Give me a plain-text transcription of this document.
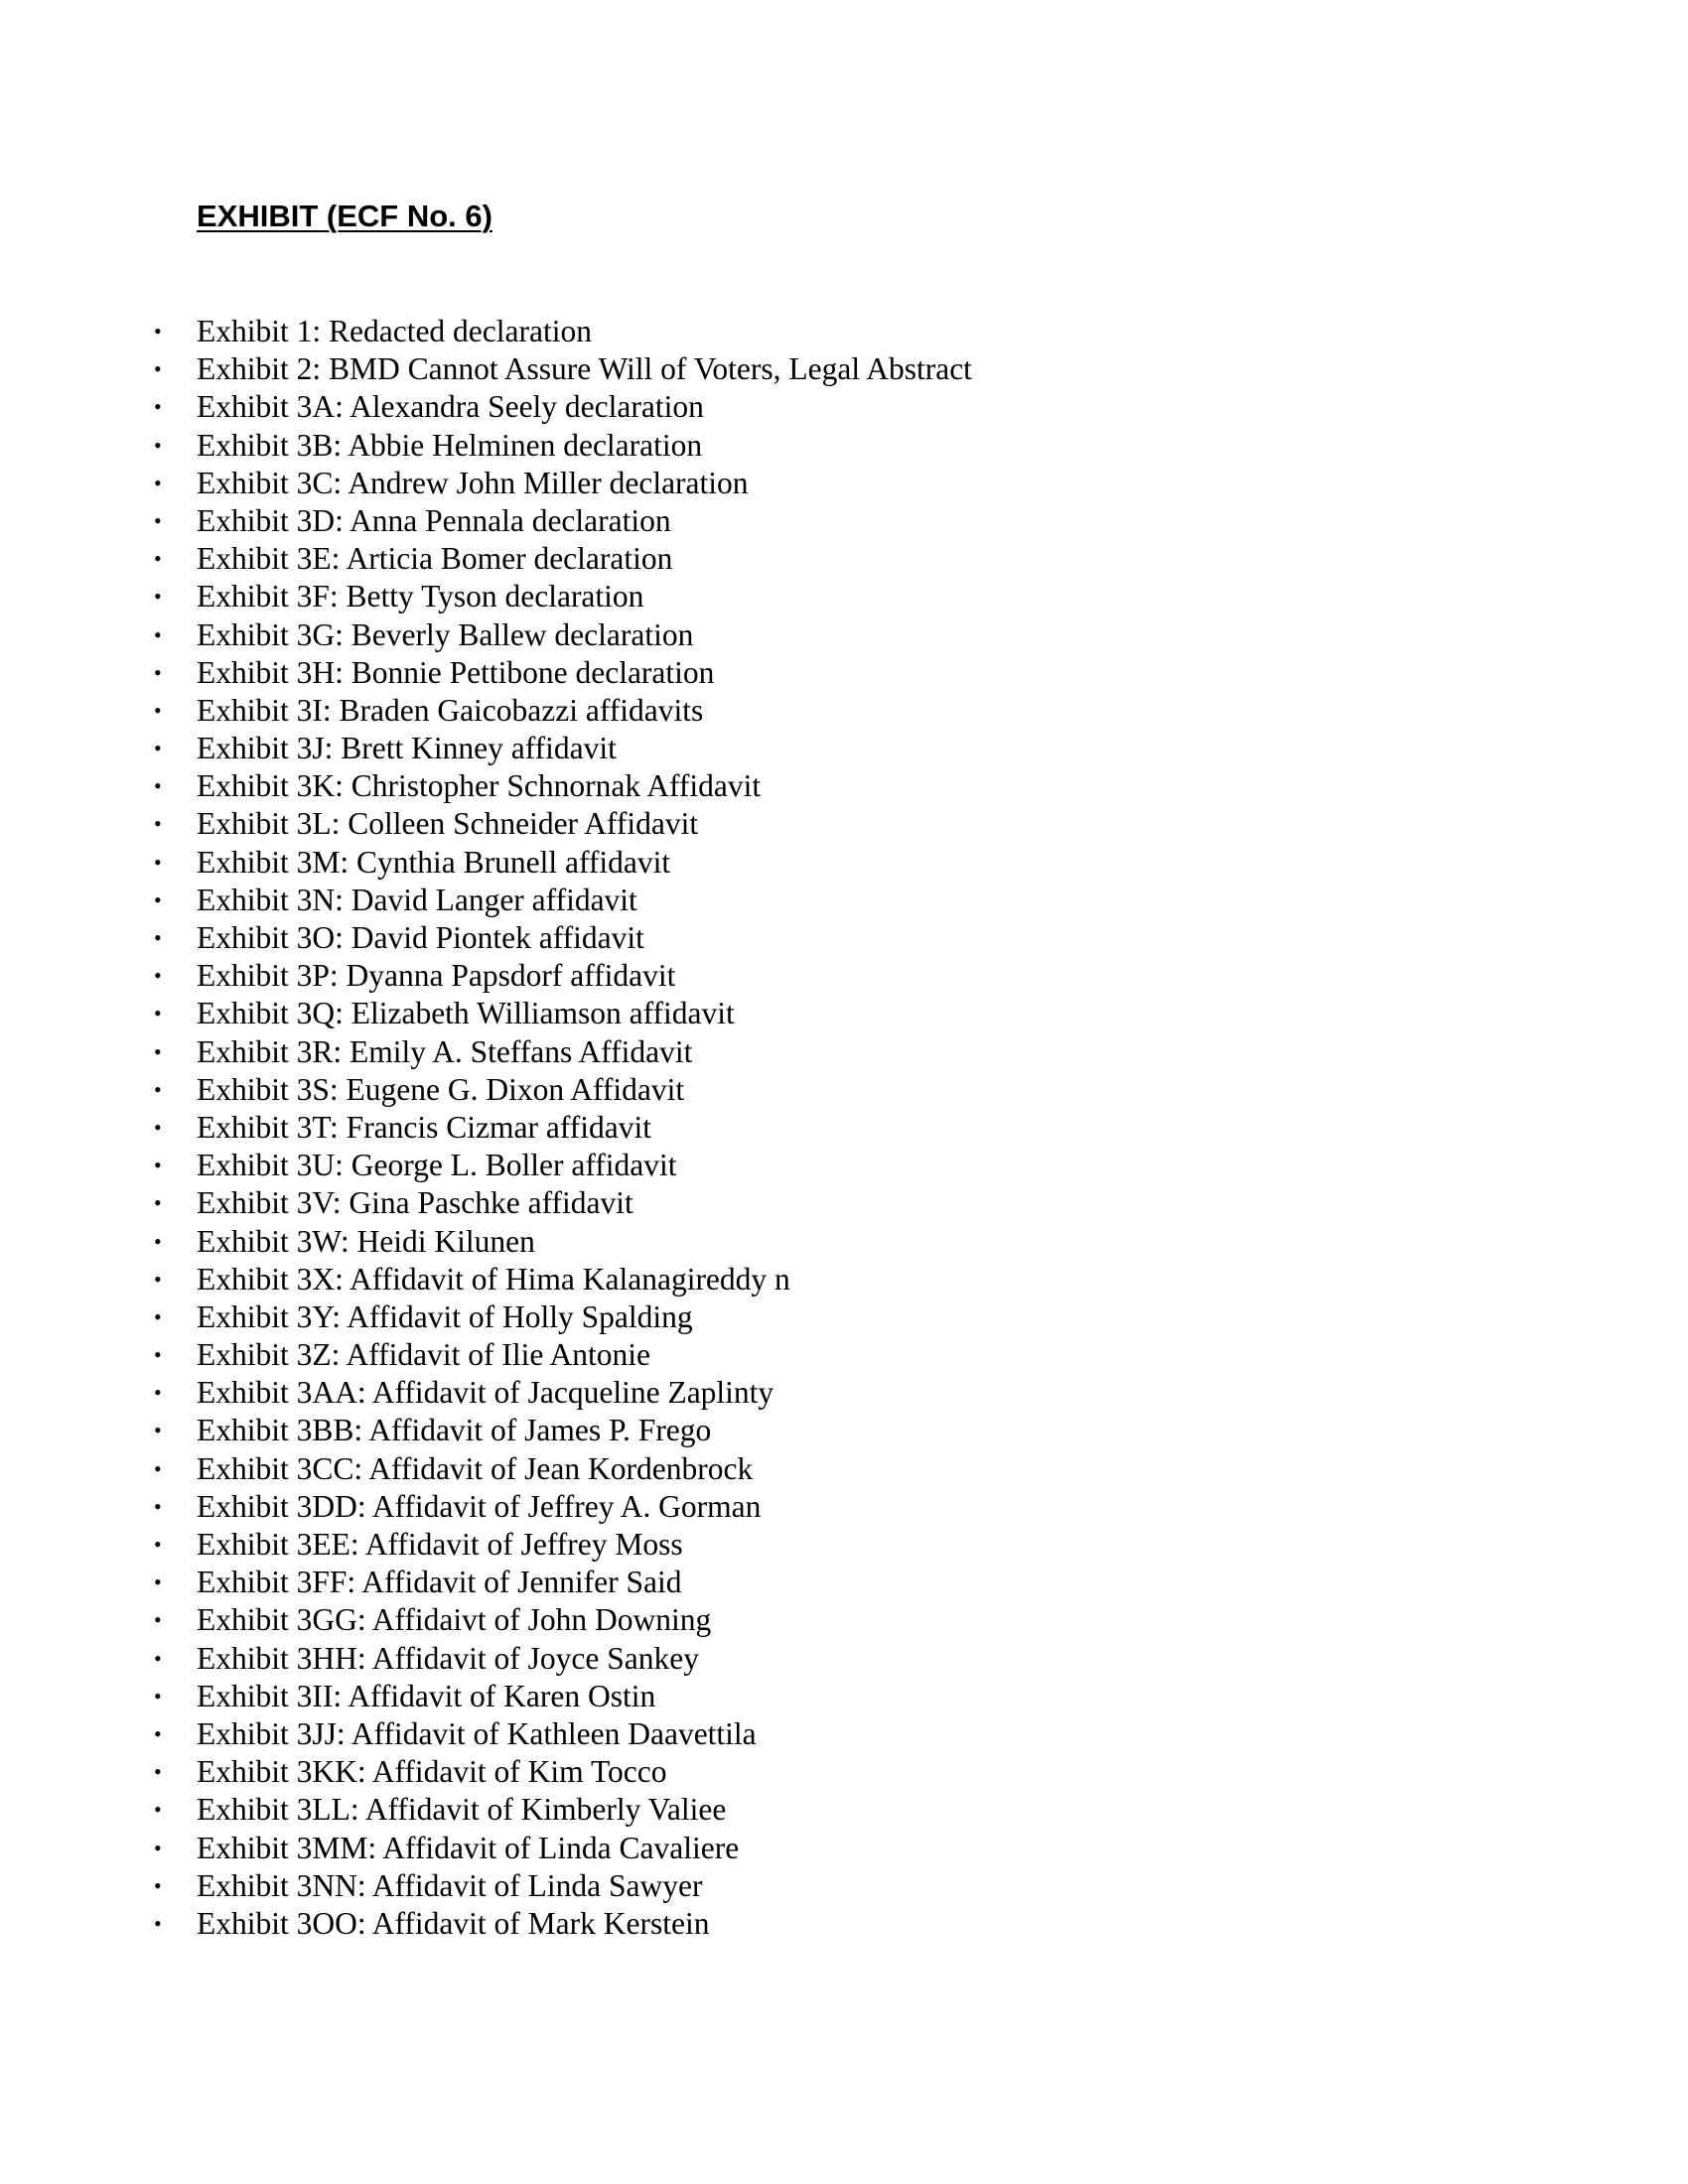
EXHIBIT (ECF No. 6)
• Exhibit 1: Redacted declaration
• Exhibit 2: BMD Cannot Assure Will of Voters, Legal Abstract
• Exhibit 3A: Alexandra Seely declaration
• Exhibit 3B: Abbie Helminen declaration
• Exhibit 3C: Andrew John Miller declaration
• Exhibit 3D: Anna Pennala declaration
• Exhibit 3E: Articia Bomer declaration
• Exhibit 3F: Betty Tyson declaration
• Exhibit 3G: Beverly Ballew declaration
• Exhibit 3H: Bonnie Pettibone declaration
• Exhibit 3I: Braden Gaicobazzi affidavits
• Exhibit 3J: Brett Kinney affidavit
• Exhibit 3K: Christopher Schnornak Affidavit
• Exhibit 3L: Colleen Schneider Affidavit
• Exhibit 3M: Cynthia Brunell affidavit
• Exhibit 3N: David Langer affidavit
• Exhibit 3O: David Piontek affidavit
• Exhibit 3P: Dyanna Papsdorf affidavit
• Exhibit 3Q: Elizabeth Williamson affidavit
• Exhibit 3R: Emily A. Steffans Affidavit
• Exhibit 3S: Eugene G. Dixon Affidavit
• Exhibit 3T: Francis Cizmar affidavit
• Exhibit 3U: George L. Boller affidavit
• Exhibit 3V: Gina Paschke affidavit
• Exhibit 3W: Heidi Kilunen
• Exhibit 3X: Affidavit of Hima Kalanagireddy n
• Exhibit 3Y: Affidavit of Holly Spalding
• Exhibit 3Z: Affidavit of Ilie Antonie
• Exhibit 3AA: Affidavit of Jacqueline Zaplinty
• Exhibit 3BB: Affidavit of James P. Frego
• Exhibit 3CC: Affidavit of Jean Kordenbrock
• Exhibit 3DD: Affidavit of Jeffrey A. Gorman
• Exhibit 3EE: Affidavit of Jeffrey Moss
• Exhibit 3FF: Affidavit of Jennifer Said
• Exhibit 3GG: Affidaivt of John Downing
• Exhibit 3HH: Affidavit of Joyce Sankey
• Exhibit 3II: Affidavit of Karen Ostin
• Exhibit 3JJ: Affidavit of Kathleen Daavettila
• Exhibit 3KK: Affidavit of Kim Tocco
• Exhibit 3LL: Affidavit of Kimberly Valiee
• Exhibit 3MM: Affidavit of Linda Cavaliere
• Exhibit 3NN: Affidavit of Linda Sawyer
• Exhibit 3OO: Affidavit of Mark Kerstein
